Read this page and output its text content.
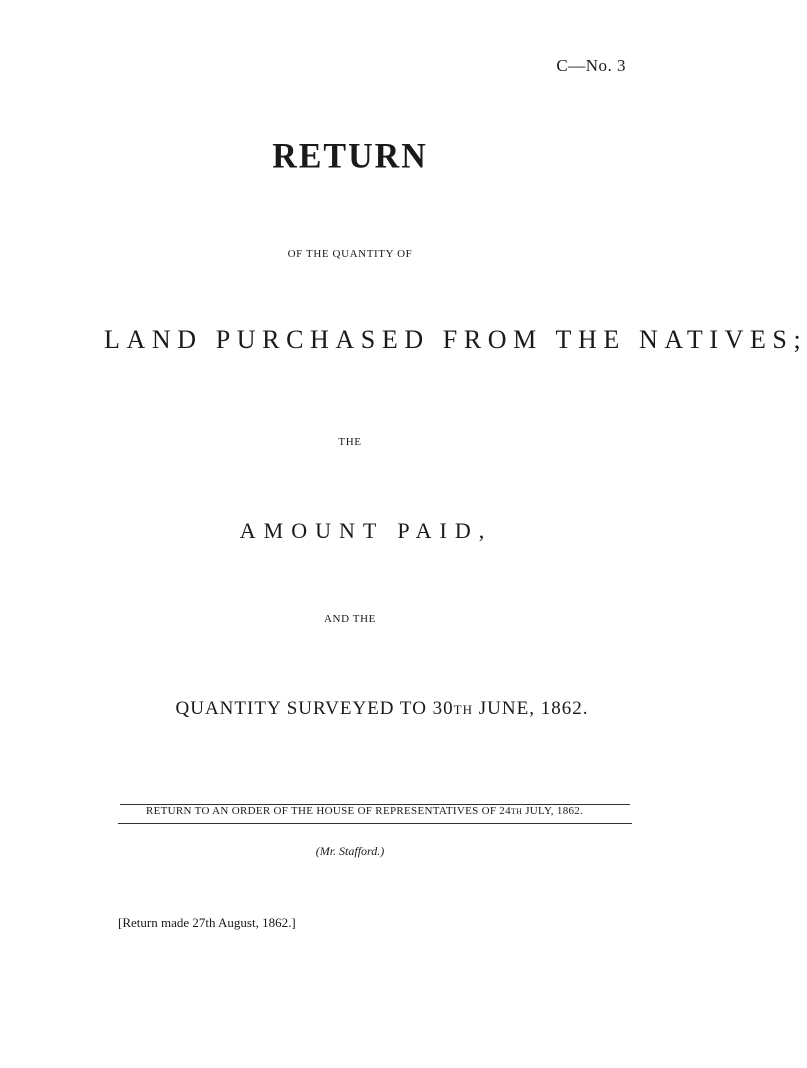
C—No. 3
RETURN
OF THE QUANTITY OF
LAND PURCHASED FROM THE NATIVES;
THE
AMOUNT PAID,
AND THE
QUANTITY SURVEYED TO 30TH JUNE, 1862.
RETURN TO AN ORDER OF THE HOUSE OF REPRESENTATIVES OF 24TH JULY, 1862.
(Mr. Stafford.)
[Return made 27th August, 1862.]
